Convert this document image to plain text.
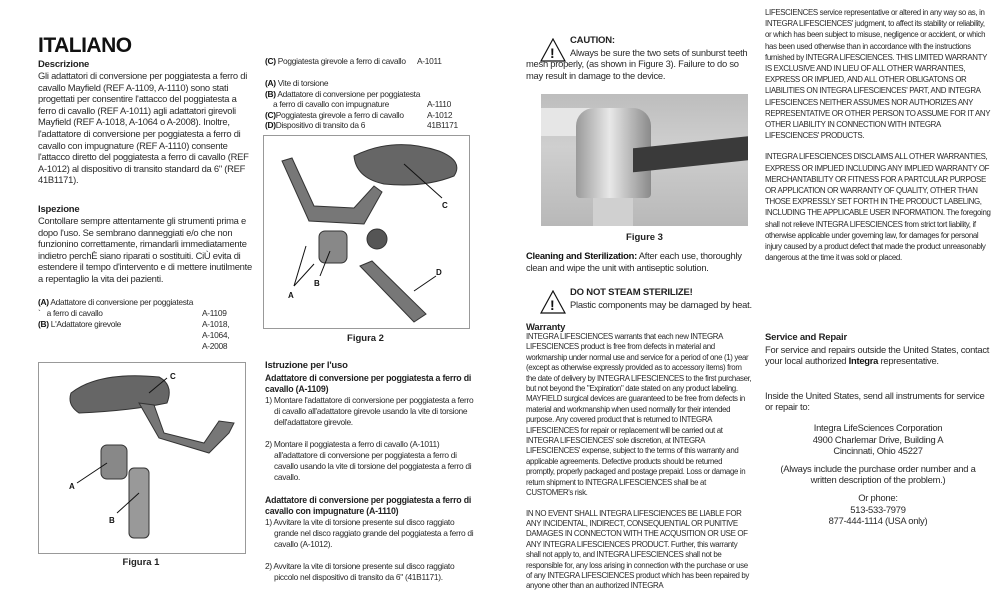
ITALIANO
Descrizione
Gli adattatori di conversione per poggiatesta a ferro di cavallo Mayfield (REF A-1109, A-1110) sono stati progettati per consentire l'attacco del poggiatesta a ferro di cavallo (REF A-1011) agli adattatori girevoli Mayfield (REF A-1018, A-1064 o A-2008). Inoltre, l'adattatore di conversione per poggiatesta a ferro di cavallo con impugnature (REF A-1110) consente l'attacco diretto del poggiatesta a ferro di cavallo (REF A-1012) al dispositivo di transito standard da 6" (REF 41B1171).
Ispezione
Contollare sempre attentamente gli strumenti prima e dopo l'uso. Se sembrano danneggiati e/o che non funzionino correttamente, rimandarli immediatamente indietro perchÈ siano riparati o sostituiti. CiÙ evita di estendere il tempo d'intervento e di mettere inutilmente a repentaglio la vita dei pazienti.
(A) Adattatore di conversione per poggiatesta
` a ferro di cavallo	A-1109
(B) L'Adattatore girevole	A-1018,
A-1064,
A-2008
A
B
C
Figura 1
(C) Poggiatesta girevole a ferro di cavallo A-1011
(A) Vite di torsione
(B) Adattatore di conversione per poggiatesta
a ferro di cavallo con impugnature	A-1110
(C)Poggiatesta girevole a ferro di cavallo	A-1012
(D)Dispositivo di transito da 6	41B1171
A
B
C
D
Figura 2
Istruzione per l'uso
Adattatore di conversione per poggiatesta a ferro di cavallo (A-1109)
1) Montare l'adattatore di conversione per poggiatesta a ferro di cavallo all'adattatore girevole usando la vite di torsione dell'adattatore girevole.
2) Montare il poggiatesta a ferro di cavallo (A-1011) all'adattatore di conversione per poggiatesta a ferro di cavallo usando la vite di torsione del poggiatesta a ferro di cavallo.
Adattatore di conversione per poggiatesta a ferro di cavallo con impugnature (A-1110)
1) Avvitare la vite di torsione presente sul disco raggiato grande nel disco raggiato grande del poggiatesta a ferro di cavallo (A-1012).
2) Avvitare la vite di torsione presente sul disco raggiato piccolo nel dispositivo di transito da 6" (41B1171).
!
CAUTION:
Always be sure the two sets of sunburst teeth mesh properly, (as shown in Figure 3). Failure to do so may result in damage to the device.
Figure 3
Cleaning and Sterilization: After each use, thoroughly clean and wipe the unit with antiseptic solution.
!
DO NOT STEAM STERILIZE!
Plastic components may be damaged by heat.
Warranty
INTEGRA LIFESCIENCES warrants that each new INTEGRA LIFESCIENCES product is free from defects in material and workmarship under normal use and service for a period of one (1) year (except as otherwise expressly provided as to accessory items) from the date of delivery by INTEGRA LIFESCIENCES to the first purchaser, but not beyond the "Expiration" date stated on any product labeling. MAYFIELD surgical devices are guaranteed to be free from defects in material and workmanship when used normally for their intended purpose. Any covered product that is returned to INTEGRA LIFESCIENCES for repair or replacement will be carried out at INTEGRA LIFESCIENCES' sole discretion, at INTEGRA LIFESCIENCES' expense, subject to the terms of this warranty and applicable agreements. Defective products should be returned promptly, properly packaged and postage prepaid. Loss or damage in return shipment to INTEGRA LIFESCIENCES shall be at CUSTOMER's risk.
IN NO EVENT SHALL INTEGRA LIFESCIENCES BE LIABLE FOR ANY INCIDENTAL, INDIRECT, CONSEQUENTIAL OR PUNITIVE DAMAGES IN CONNECTON WITH THE ACQUSITION OR USE OF ANY INTEGRA LIFESCIENCES PRODUCT. Further, this warranty shall not apply to, and INTEGRA LIFESCIENCES shall not be responsible for, any loss arising in connection with the purchase or use of any INTEGRA LIFESCIENCES product which has been repaired by anyone other than an authorized INTEGRA
LIFESCIENCES service representative or altered in any way so as, in INTEGRA LIFESCIENCES' judgment, to affect its stability or reliability, or which has been subject to misuse, negligence or accident, or which has been used otherwise than in accordance with the instructions furnished by INTEGRA LIFESCIENCES. THIS LIMITED WARRANTY IS EXCLUSIVE AND IN LIEU OF ALL OTHER WARRANTIES, EXPRESS OR IMPLIED, AND ALL OTHER OBLIGATONS OR LIABILITIES ON INTEGRA LIFESCIENCES' PART, AND INTEGRA LIFESCIENCES NEITHER ASSUMES NOR AUTHORIZES ANY REPRESENTATIVE OR OTHER PERSON TO ASSUME FOR IT ANY OTHER LIABILITY IN CONNECTION WITH INTEGRA LIFESCIENCES' PRODUCTS.
INTEGRA LIFESCIENCES DISCLAIMS ALL OTHER WARRANTIES, EXPRESS OR IMPLIED INCLUDING ANY IMPLIED WARRANTY OF MERCHANTABILITY OR FITNESS FOR A PARTCULAR PURPOSE OR APPLICATION OR WARRANTY OF QUALITY, OTHER THAN THOSE EXPRESSLY SET FORTH IN THE PRODUCT LABELING, INCLUDING THE APPLICABLE USER INFORMATION. The foregoing shall not relieve INTEGRA LIFESCIENCES from strict tort liability, if otherwise applicable under governing law, for damages for personal injury caused by a product defect that made the product unreasonably dangerous at the time it was sold or placed.
Service and Repair
For service and repairs outside the United States, contact your local authorized Integra representative.
Inside the United States, send all instruments for service or repair to:
Integra LifeSciences Corporation
4900 Charlemar Drive, Building A
Cincinnati, Ohio 45227
(Always include the purchase order number and a written description of the problem.)
Or phone:
513-533-7979
877-444-1114 (USA only)
